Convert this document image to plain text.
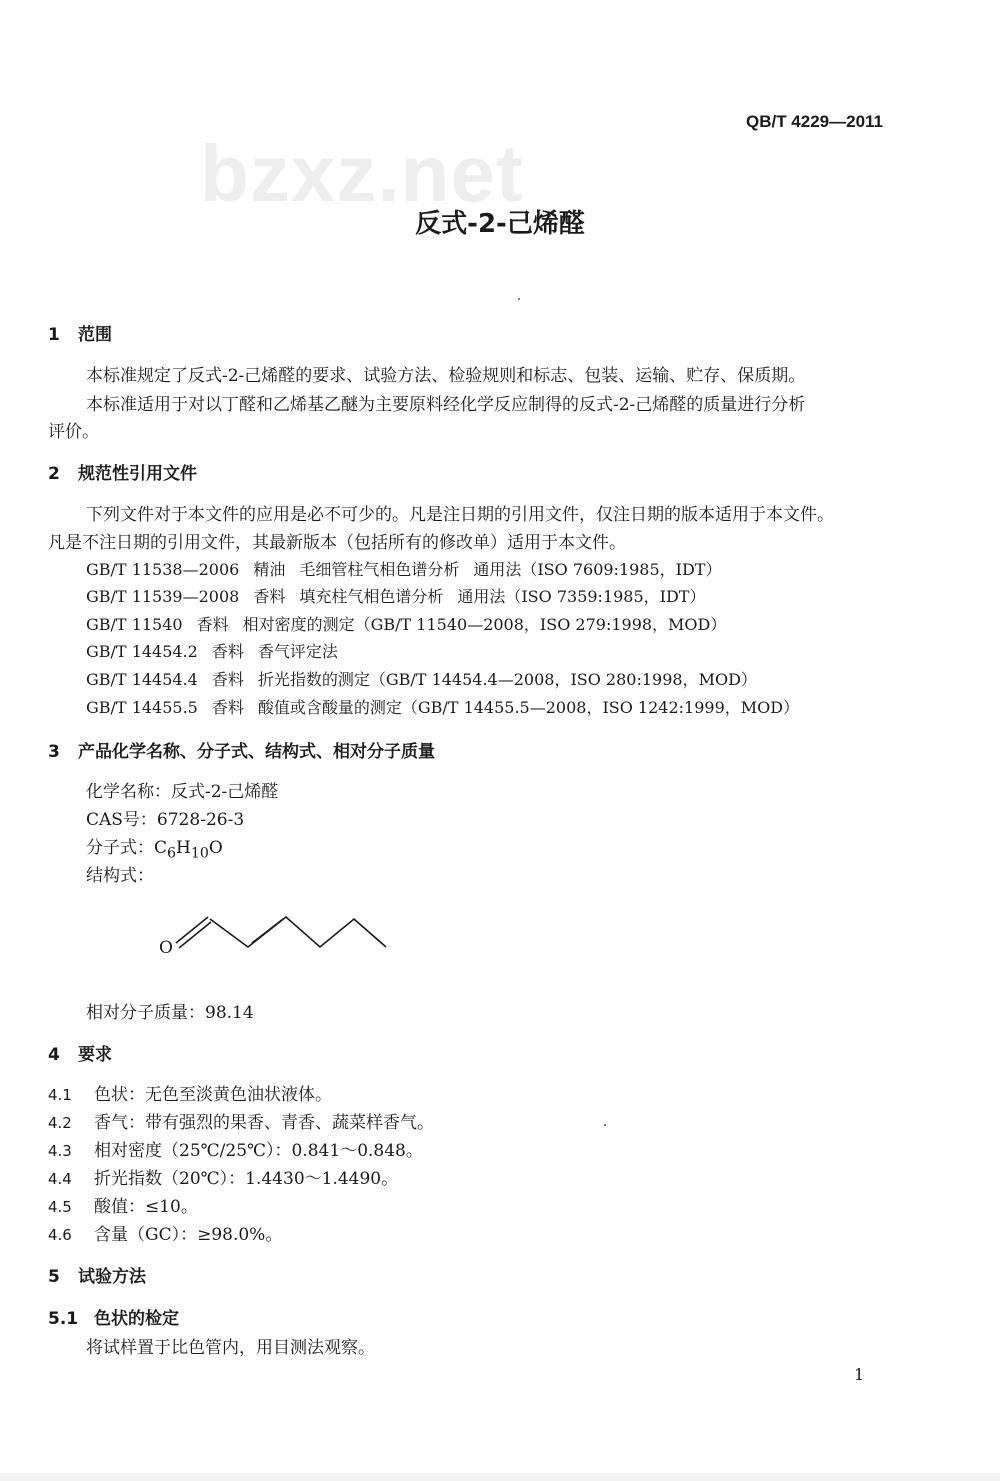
QB/T 4229—2011
bzxz.net
反式-2-己烯醛
1 范围
本标准规定了反式-2-己烯醛的要求、试验方法、检验规则和标志、包装、运输、贮存、保质期。
本标准适用于对以丁醛和乙烯基乙醚为主要原料经化学反应制得的反式-2-己烯醛的质量进行分析
评价。
2 规范性引用文件
下列文件对于本文件的应用是必不可少的。凡是注日期的引用文件，仅注日期的版本适用于本文件。
凡是不注日期的引用文件，其最新版本（包括所有的修改单）适用于本文件。
GB/T 11538—2006 精油 毛细管柱气相色谱分析 通用法（ISO 7609:1985，IDT）
GB/T 11539—2008 香料 填充柱气相色谱分析 通用法（ISO 7359:1985，IDT）
GB/T 11540 香料 相对密度的测定（GB/T 11540—2008，ISO 279:1998，MOD）
GB/T 14454.2 香料 香气评定法
GB/T 14454.4 香料 折光指数的测定（GB/T 14454.4—2008，ISO 280:1998，MOD）
GB/T 14455.5 香料 酸值或含酸量的测定（GB/T 14455.5—2008，ISO 1242:1999，MOD）
3 产品化学名称、分子式、结构式、相对分子质量
化学名称：反式-2-己烯醛
CAS号：6728-26-3
分子式：$C_6H_{10}O$
结构式：
O
相对分子质量：98.14
4 要求
4.1 色状：无色至淡黄色油状液体。
4.2 香气：带有强烈的果香、青香、蔬菜样香气。
4.3 相对密度（25℃/25℃）：0.841～0.848。
4.4 折光指数（20℃）：1.4430～1.4490。
4.5 酸值：≤10。
4.6 含量（GC）：≥98.0%。
5 试验方法
5.1 色状的检定
将试样置于比色管内，用目测法观察。
1
